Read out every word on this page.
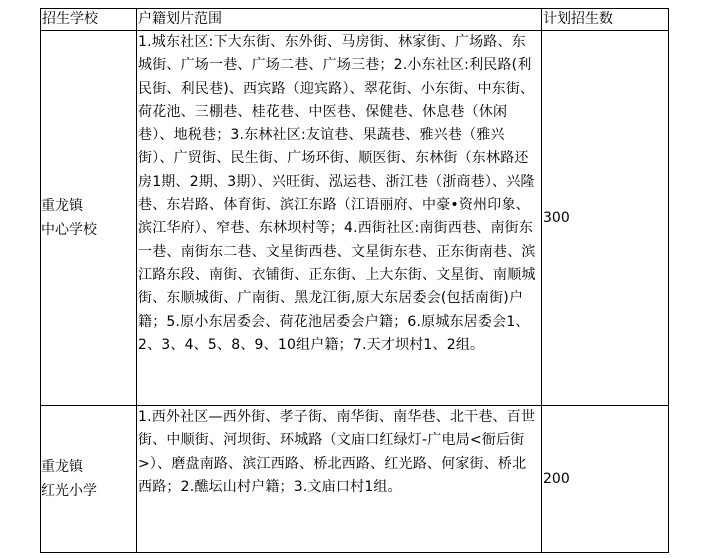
招生学校	户籍划片范围	计划招生数

重龙镇
中心学校	1.城东社区:下大东街、东外街、马房街、林家街、广场路、东城街、广场一巷、广场二巷、广场三巷；2.小东社区:利民路(利民街、利民巷)、西宾路（迎宾路）、翠花街、小东街、中东街、荷花池、三棚巷、桂花巷、中医巷、保健巷、休息巷（休闲巷）、地税巷；3.东林社区:友谊巷、果蔬巷、雅兴巷（雅兴街）、广贸街、民生街、广场环街、顺医街、东林街（东林路还房1期、2期、3期）、兴旺街、泓运巷、浙江巷（浙商巷）、兴隆巷、东岩路、体育街、滨江东路（江语丽府、中豪•资州印象、滨江华府）、窄巷、东林坝村等；4.西街社区:南街西巷、南街东一巷、南街东二巷、文星街西巷、文星街东巷、正东街南巷、滨江路东段、南街、衣铺街、正东街、上大东街、文星街、南顺城街、东顺城街、广南街、黑龙江街,原大东居委会(包括南街)户籍；5.原小东居委会、荷花池居委会户籍；6.原城东居委会1、2、3、4、5、8、9、10组户籍；7.天才坝村1、2组。	300

重龙镇
红光小学	1.西外社区—西外街、孝子街、南华街、南华巷、北干巷、百世街、中顺街、河坝街、环城路（文庙口红绿灯-广电局<衙后街>）、磨盘南路、滨江西路、桥北西路、红光路、何家街、桥北西路；2.醮坛山村户籍；3.文庙口村1组。	200
